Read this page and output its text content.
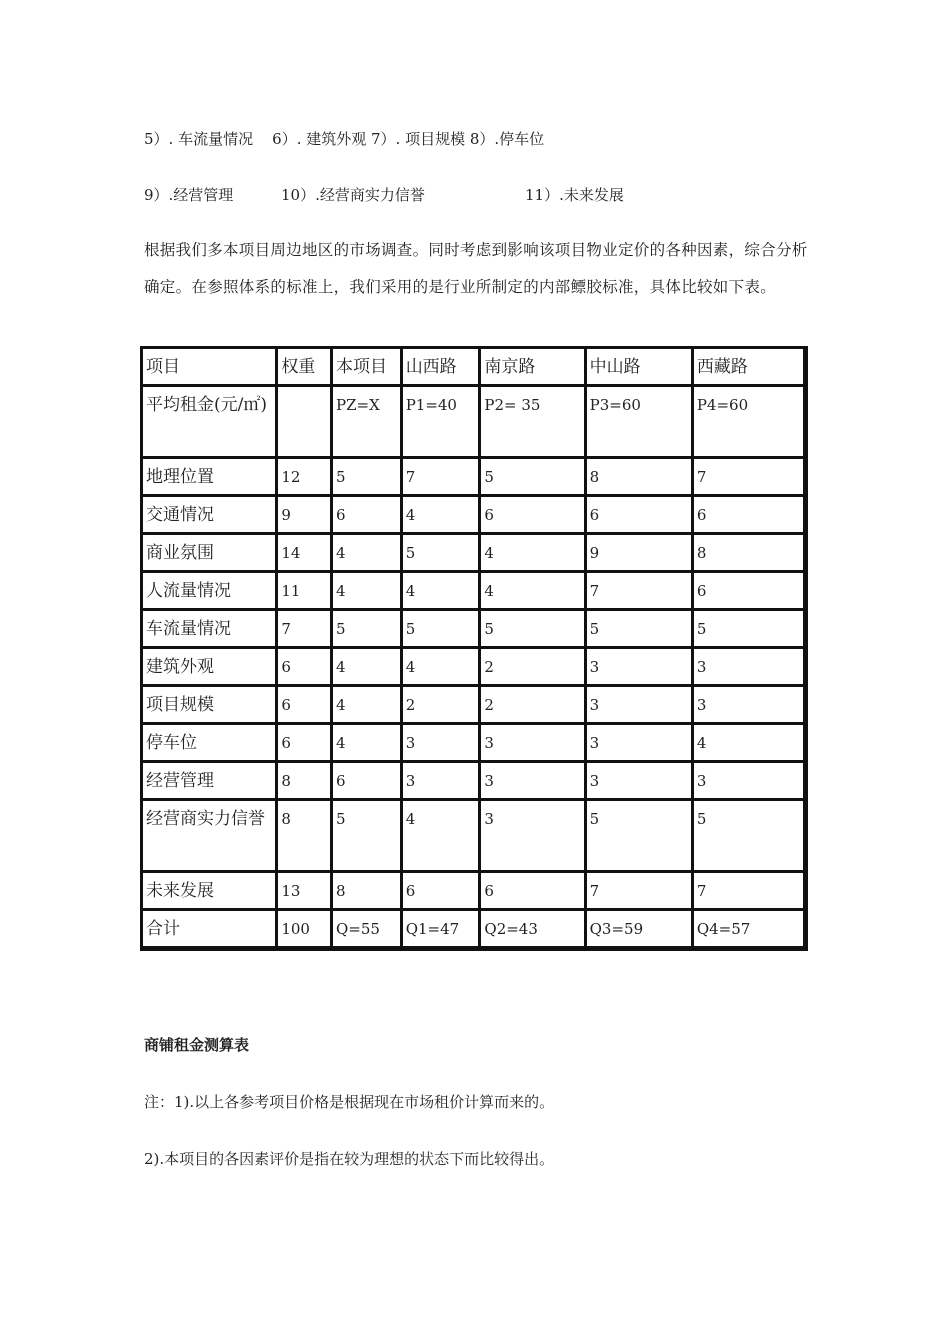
5）. 车流量情况    6）. 建筑外观 7）. 项目规模 8）.停车位
9）.经营管理          10）.经营商实力信誉                     11）.未来发展
根据我们多本项目周边地区的市场调查。同时考虑到影响该项目物业定价的各种因素，综合分析确定。在参照体系的标准上，我们采用的是行业所制定的内部鳔胶标准，具体比较如下表。
项目	权重	本项目	山西路	南京路	中山路	西藏路
平均租金(元/㎡)		PZ=X	P1=40	P2= 35	P3=60	P4=60
地理位置	12	5	7	5	8	7
交通情况	9	6	4	6	6	6
商业氛围	14	4	5	4	9	8
人流量情况	11	4	4	4	7	6
车流量情况	7	5	5	5	5	5
建筑外观	6	4	4	2	3	3
项目规模	6	4	2	2	3	3
停车位	6	4	3	3	3	4
经营管理	8	6	3	3	3	3
经营商实力信誉	8	5	4	3	5	5
未来发展	13	8	6	6	7	7
合计	100	Q=55	Q1=47	Q2=43	Q3=59	Q4=57
商铺租金测算表
注：1).以上各参考项目价格是根据现在市场租价计算而来的。
2).本项目的各因素评价是指在较为理想的状态下而比较得出。
